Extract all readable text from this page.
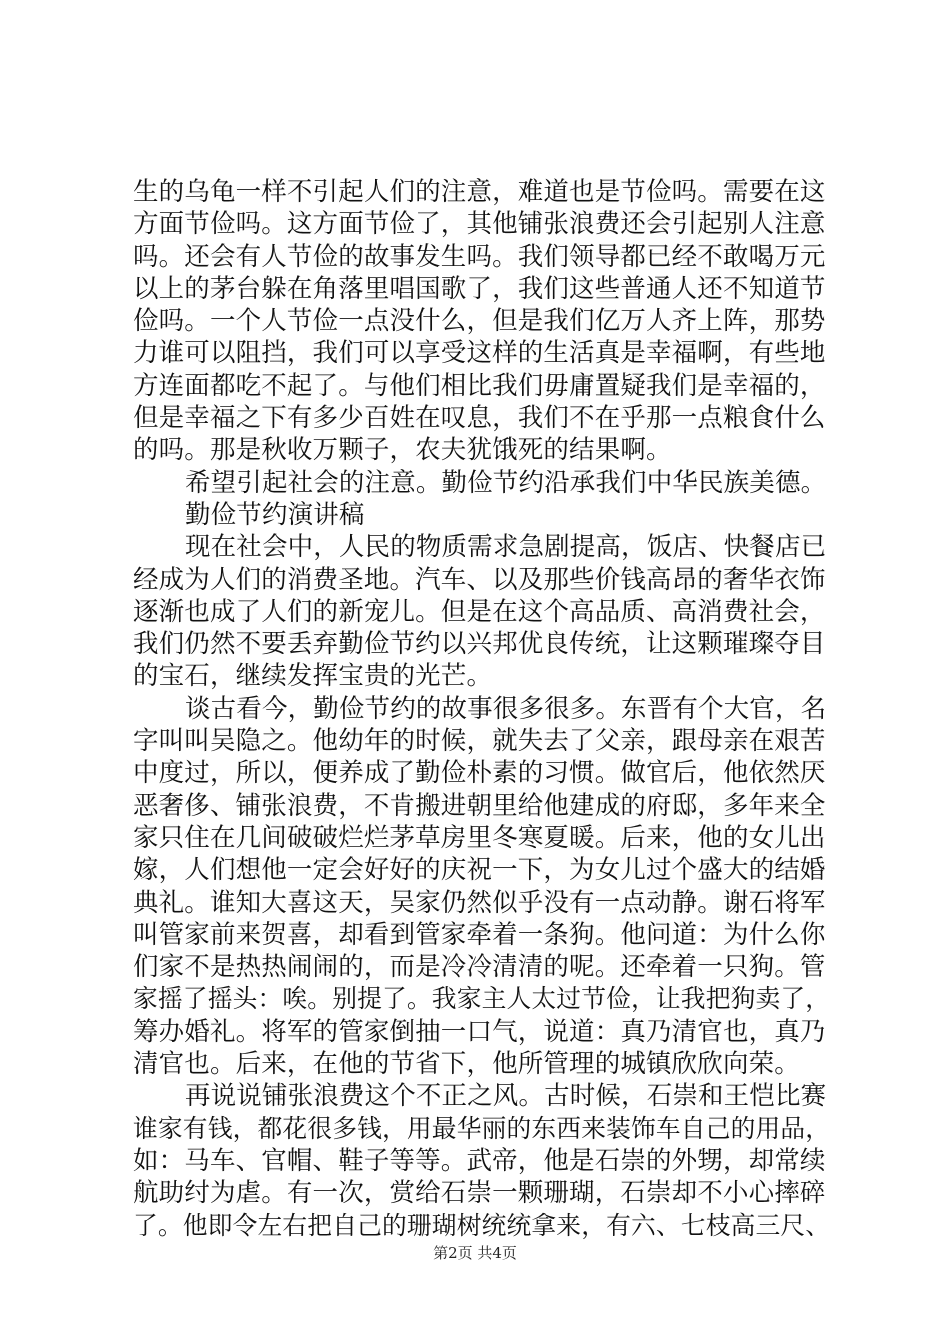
生的乌龟一样不引起人们的注意，难道也是节俭吗。需要在这
方面节俭吗。这方面节俭了，其他铺张浪费还会引起别人注意
吗。还会有人节俭的故事发生吗。我们领导都已经不敢喝万元
以上的茅台躲在角落里唱国歌了，我们这些普通人还不知道节
俭吗。一个人节俭一点没什么，但是我们亿万人齐上阵，那势
力谁可以阻挡，我们可以享受这样的生活真是幸福啊，有些地
方连面都吃不起了。与他们相比我们毋庸置疑我们是幸福的，
但是幸福之下有多少百姓在叹息，我们不在乎那一点粮食什么
的吗。那是秋收万颗子，农夫犹饿死的结果啊。
希望引起社会的注意。勤俭节约沿承我们中华民族美德。
勤俭节约演讲稿
现在社会中，人民的物质需求急剧提高，饭店、快餐店已
经成为人们的消费圣地。汽车、以及那些价钱高昂的奢华衣饰
逐渐也成了人们的新宠儿。但是在这个高品质、高消费社会，
我们仍然不要丢弃勤俭节约以兴邦优良传统，让这颗璀璨夺目
的宝石，继续发挥宝贵的光芒。
谈古看今，勤俭节约的故事很多很多。东晋有个大官，名
字叫叫吴隐之。他幼年的时候，就失去了父亲，跟母亲在艰苦
中度过，所以，便养成了勤俭朴素的习惯。做官后，他依然厌
恶奢侈、铺张浪费，不肯搬进朝里给他建成的府邸，多年来全
家只住在几间破破烂烂茅草房里冬寒夏暖。后来，他的女儿出
嫁，人们想他一定会好好的庆祝一下，为女儿过个盛大的结婚
典礼。谁知大喜这天，吴家仍然似乎没有一点动静。谢石将军
叫管家前来贺喜，却看到管家牵着一条狗。他问道：为什么你
们家不是热热闹闹的，而是冷冷清清的呢。还牵着一只狗。管
家摇了摇头：唉。别提了。我家主人太过节俭，让我把狗卖了，
筹办婚礼。将军的管家倒抽一口气，说道：真乃清官也，真乃
清官也。后来，在他的节省下，他所管理的城镇欣欣向荣。
再说说铺张浪费这个不正之风。古时候，石崇和王恺比赛
谁家有钱，都花很多钱，用最华丽的东西来装饰车自己的用品，
如：马车、官帽、鞋子等等。武帝，他是石崇的外甥，却常续
航助纣为虐。有一次，赏给石崇一颗珊瑚，石崇却不小心摔碎
了。他即令左右把自己的珊瑚树统统拿来，有六、七枝高三尺、
第2页 共4页
